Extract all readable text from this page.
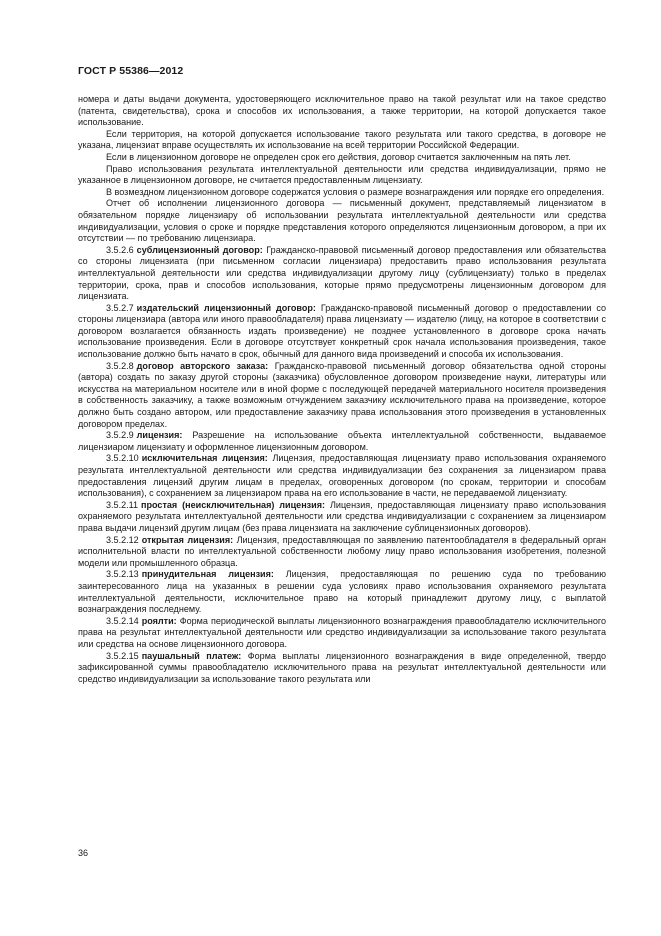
ГОСТ Р 55386—2012

номера и даты выдачи документа, удостоверяющего исключительное право на такой результат или на такое средство (патента, свидетельства), срока и способов их использования, а также территории, на которой допускается такое использование.

Если территория, на которой допускается использование такого результата или такого средства, в договоре не указана, лицензиат вправе осуществлять их использование на всей территории Российской Федерации.

Если в лицензионном договоре не определен срок его действия, договор считается заключенным на пять лет.

Право использования результата интеллектуальной деятельности или средства индивидуализации, прямо не указанное в лицензионном договоре, не считается предоставленным лицензиату.

В возмездном лицензионном договоре содержатся условия о размере вознаграждения или порядке его определения.

Отчет об исполнении лицензионного договора — письменный документ, представляемый лицензиатом в обязательном порядке лицензиару об использовании результата интеллектуальной деятельности или средства индивидуализации, условия о сроке и порядке представления которого определяются лицензионным договором, а при их отсутствии — по требованию лицензиара.

3.5.2.6 сублицензионный договор: Гражданско-правовой письменный договор предоставления или обязательства со стороны лицензиата (при письменном согласии лицензиара) предоставить право использования результата интеллектуальной деятельности или средства индивидуализации другому лицу (сублицензиату) только в пределах территории, срока, прав и способов использования, которые прямо предусмотрены лицензионным договором для лицензиата.

3.5.2.7 издательский лицензионный договор: Гражданско-правовой письменный договор о предоставлении со стороны лицензиара (автора или иного правообладателя) права лицензиату — издателю (лицу, на которое в соответствии с договором возлагается обязанность издать произведение) не позднее установленного в договоре срока начать использование произведения. Если в договоре отсутствует конкретный срок начала использования произведения, такое использование должно быть начато в срок, обычный для данного вида произведений и способа их использования.

3.5.2.8 договор авторского заказа: Гражданско-правовой письменный договор обязательства одной стороны (автора) создать по заказу другой стороны (заказчика) обусловленное договором произведение науки, литературы или искусства на материальном носителе или в иной форме с последующей передачей материального носителя произведения в собственность заказчику, а также возможным отчуждением заказчику исключительного права на произведение, которое должно быть создано автором, или предоставление заказчику права использования этого произведения в установленных договором пределах.

3.5.2.9 лицензия: Разрешение на использование объекта интеллектуальной собственности, выдаваемое лицензиаром лицензиату и оформленное лицензионным договором.

3.5.2.10 исключительная лицензия: Лицензия, предоставляющая лицензиату право использования охраняемого результата интеллектуальной деятельности или средства индивидуализации без сохранения за лицензиаром права предоставления лицензий другим лицам в пределах, оговоренных договором (по срокам, территории и способам использования), с сохранением за лицензиаром права на его использование в части, не передаваемой лицензиату.

3.5.2.11 простая (неисключительная) лицензия: Лицензия, предоставляющая лицензиату право использования охраняемого результата интеллектуальной деятельности или средства индивидуализации с сохранением за лицензиаром права выдачи лицензий другим лицам (без права лицензиата на заключение сублицензионных договоров).

3.5.2.12 открытая лицензия: Лицензия, предоставляющая по заявлению патентообладателя в федеральный орган исполнительной власти по интеллектуальной собственности любому лицу право использования изобретения, полезной модели или промышленного образца.

3.5.2.13 принудительная лицензия: Лицензия, предоставляющая по решению суда по требованию заинтересованного лица на указанных в решении суда условиях право использования охраняемого результата интеллектуальной деятельности, исключительное право на который принадлежит другому лицу, с выплатой вознаграждения последнему.

3.5.2.14 роялти: Форма периодической выплаты лицензионного вознаграждения правообладателю исключительного права на результат интеллектуальной деятельности или средство индивидуализации за использование такого результата или средства на основе лицензионного договора.

3.5.2.15 паушальный платеж: Форма выплаты лицензионного вознаграждения в виде определенной, твердо зафиксированной суммы правообладателю исключительного права на результат интеллектуальной деятельности или средство индивидуализации за использование такого результата или

36
